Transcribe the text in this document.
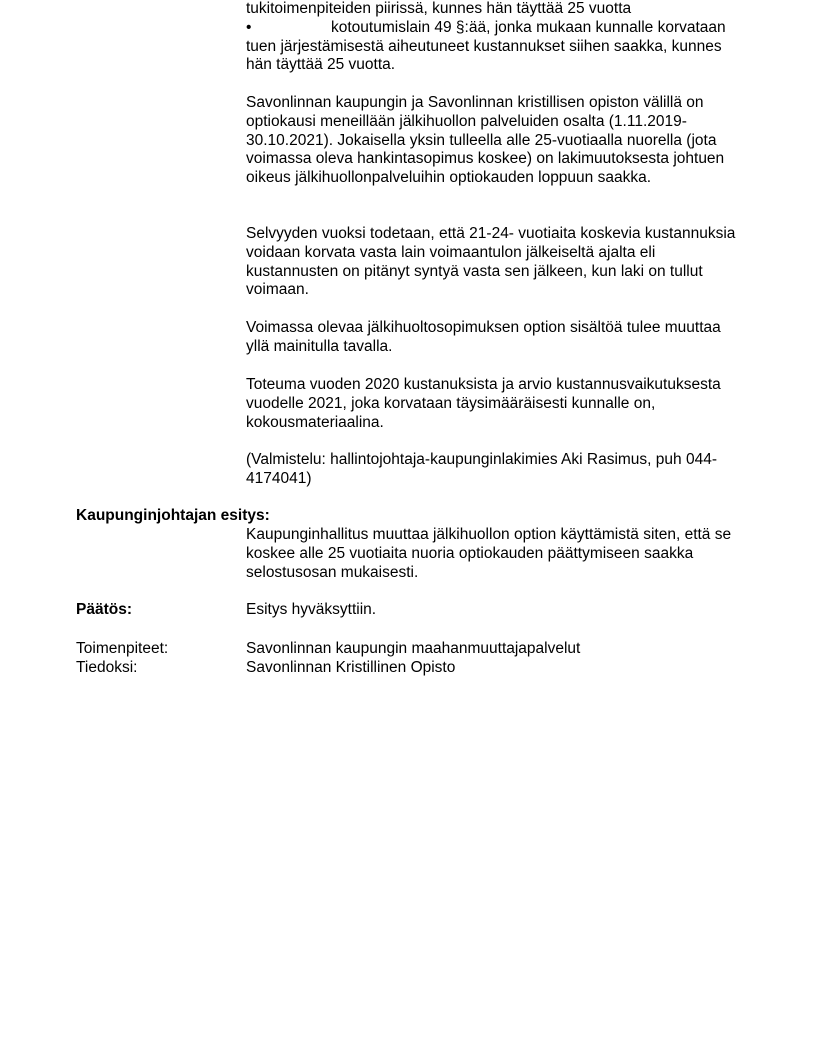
tukitoimenpiteiden piirissä, kunnes hän täyttää 25 vuotta

•	kotoutumislain 49 §:ää, jonka mukaan kunnalle korvataan

tuen järjestämisestä aiheutuneet kustannukset siihen saakka, kunnes hän täyttää 25 vuotta.

Savonlinnan kaupungin ja Savonlinnan kristillisen opiston välillä on optiokausi meneillään jälkihuollon palveluiden osalta (1.11.2019-30.10.2021). Jokaisella yksin tulleella alle 25-vuotiaalla nuorella (jota voimassa oleva hankintasopimus koskee) on lakimuutoksesta johtuen oikeus jälkihuollonpalveluihin optiokauden loppuun saakka.

Selvyyden vuoksi todetaan, että 21-24- vuotiaita koskevia kustannuksia voidaan korvata vasta lain voimaantulon jälkeiseltä ajalta eli kustannusten on pitänyt syntyä vasta sen jälkeen, kun laki on tullut voimaan.

Voimassa olevaa jälkihuoltosopimuksen option sisältöä tulee muuttaa yllä mainitulla tavalla.

Toteuma vuoden 2020 kustanuksista ja arvio kustannusvaikutuksesta vuodelle 2021, joka korvataan täysimääräisesti kunnalle on, kokousmateriaalina.

(Valmistelu: hallintojohtaja-kaupunginlakimies Aki Rasimus, puh 044-4174041)

Kaupunginjohtajan esitys:

Kaupunginhallitus muuttaa jälkihuollon option käyttämistä siten, että se koskee alle 25 vuotiaita nuoria optiokauden päättymiseen saakka selostusosan mukaisesti.

Päätös:	Esitys hyväksyttiin.
Toimenpiteet:	Savonlinnan kaupungin maahanmuuttajapalvelut
Tiedoksi:	Savonlinnan Kristillinen Opisto
